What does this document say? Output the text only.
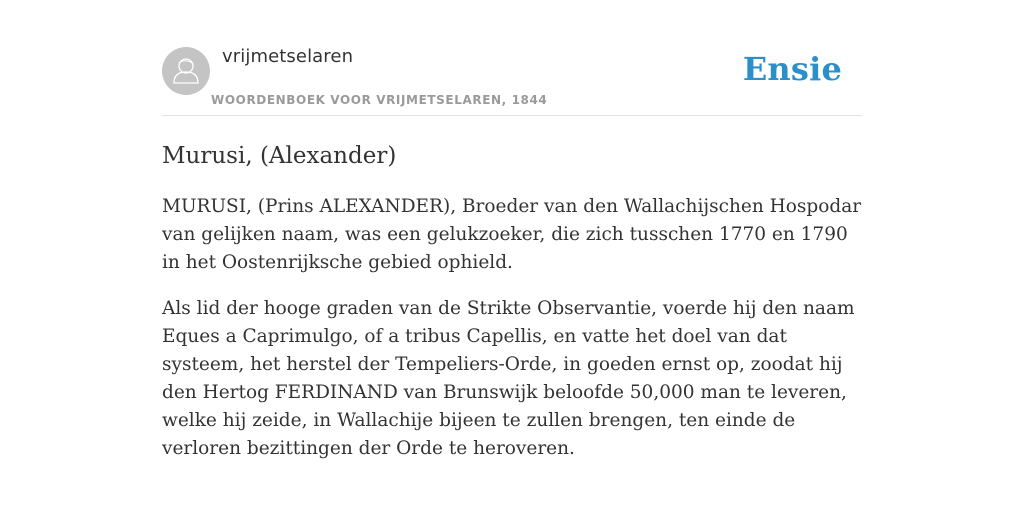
vrijmetselaren
WOORDENBOEK VOOR VRIJMETSELAREN, 1844
Ensie
Murusi, (Alexander)

MURUSI, (Prins ALEXANDER), Broeder van den Wallachijschen Hospodar van gelijken naam, was een gelukzoeker, die zich tusschen 1770 en 1790 in het Oostenrijksche gebied ophield.

Als lid der hooge graden van de Strikte Observantie, voerde hij den naam Eques a Caprimulgo, of a tribus Capellis, en vatte het doel van dat systeem, het herstel der Tempeliers-Orde, in goeden ernst op, zoodat hij den Hertog FERDINAND van Brunswijk beloofde 50,000 man te leveren, welke hij zeide, in Wallachije bijeen te zullen brengen, ten einde de verloren bezittingen der Orde te heroveren.
